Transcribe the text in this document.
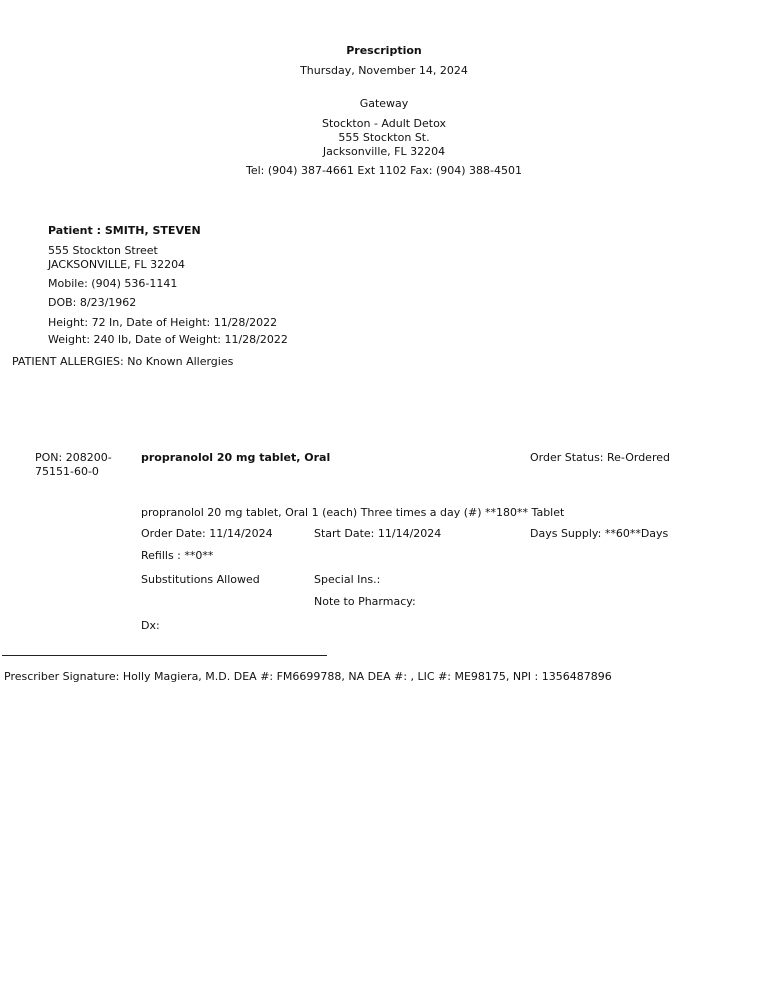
Prescription
Thursday, November 14, 2024
Gateway
Stockton - Adult Detox
555 Stockton St.
Jacksonville, FL 32204
Tel: (904) 387-4661 Ext 1102 Fax: (904) 388-4501
Patient : SMITH, STEVEN
555 Stockton Street
JACKSONVILLE, FL 32204
Mobile: (904) 536-1141
DOB: 8/23/1962
Height: 72 In, Date of Height: 11/28/2022
Weight: 240 lb, Date of Weight: 11/28/2022
PATIENT ALLERGIES: No Known Allergies
PON: 208200-
75151-60-0
propranolol 20 mg tablet, Oral	Order Status: Re-Ordered
propranolol 20 mg tablet, Oral 1 (each) Three times a day (#) **180** Tablet
Order Date: 11/14/2024	Start Date: 11/14/2024	Days Supply: **60**Days
Refills : **0**
Substitutions Allowed	Special Ins.:
Note to Pharmacy:
Dx:
Prescriber Signature: Holly Magiera, M.D. DEA #: FM6699788, NA DEA #: , LIC #: ME98175, NPI : 1356487896
